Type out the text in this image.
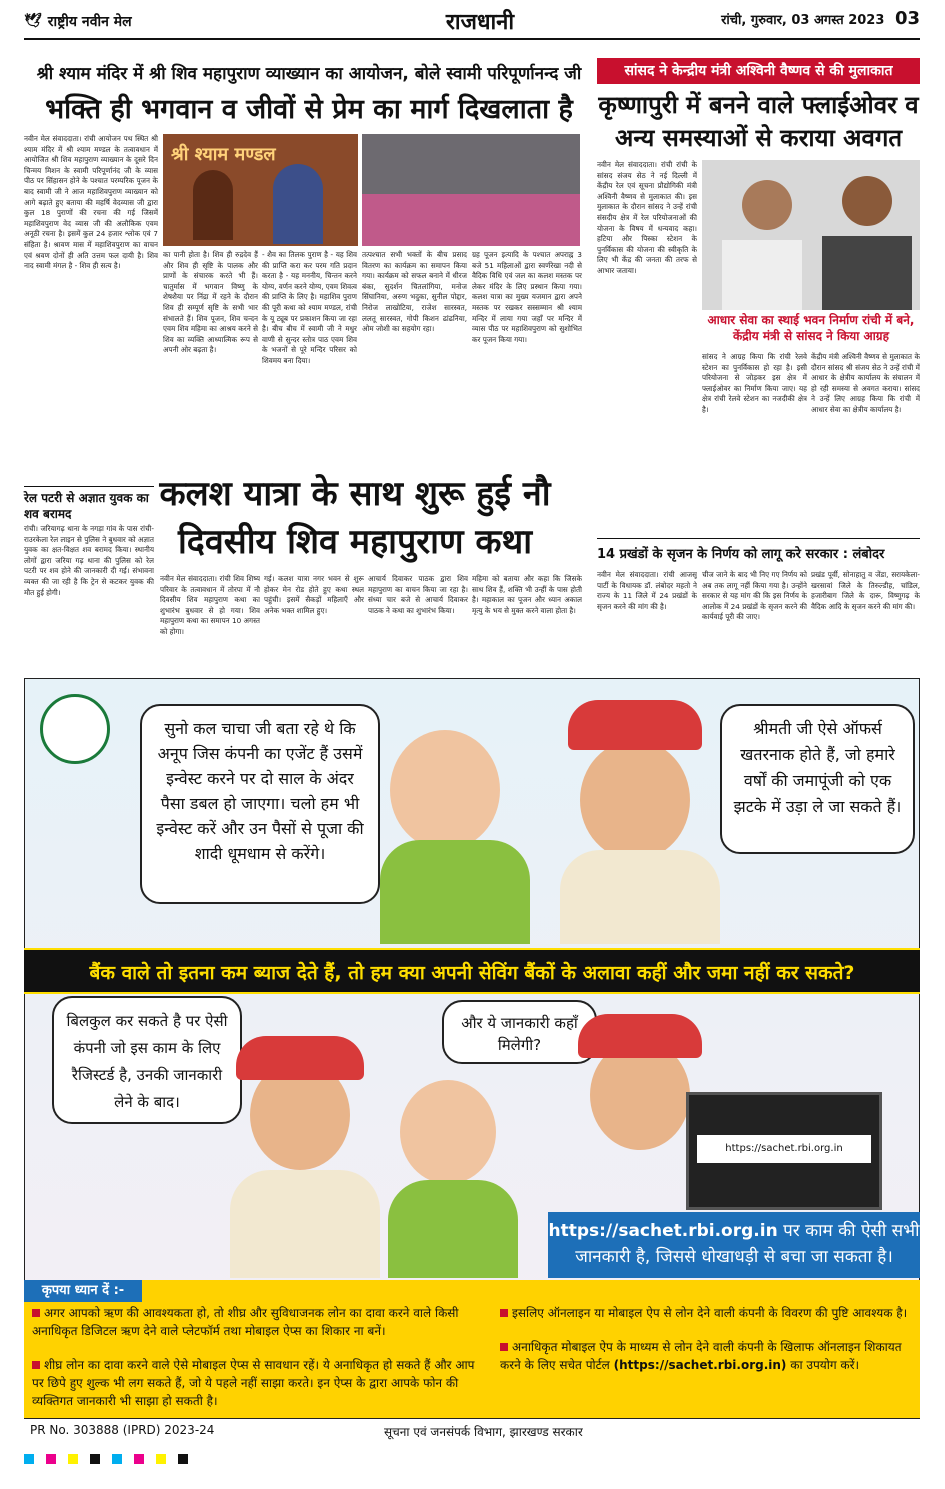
🕊 राष्ट्रीय नवीन मेल	राजधानी	रांची, गुरुवार, 03 अगस्त 2023 03
श्री श्याम मंदिर में श्री शिव महापुराण व्याख्यान का आयोजन, बोले स्वामी परिपूर्णानन्द जी
भक्ति ही भगवान व जीवों से प्रेम का मार्ग दिखलाता है
नवीन मेल संवाददाता। रांची आयोजन पथ स्थित श्री श्याम मंदिर में श्री श्याम मण्डल के तत्वावधान में आयोजित श्री शिव महापुराण व्याख्यान के दूसरे दिन चिन्मय मिशन के स्वामी परिपूर्णानंद जी के व्यास पीठ पर सिंहासन होने के पश्चात परम्परिक पूजन के बाद स्वामी जी ने आज महाशिवपुराण व्याख्यान को आगे बढ़ाते हुए बताया की महर्षि वेदव्यास जी द्वारा कुल 18 पुराणों की रचना की गई जिसमें महाशिवपुराण वेद व्यास जी की अलौकिक एवम अनूठी रचना है। इसमें कुल 24 हजार श्लोक एवं 7 संहिता है। श्रावण मास में महाशिवपुराण का वाचन एवं श्रवण दोनों ही अति उत्तम फल दायी है। शिव नाद स्वामी मंगल है - शिव ही सत्य है।
श्री श्याम मण्डल
का पानी होता है। शिव ही रुद्रदेव हैं और शिव ही सृष्टि के पालक और प्राणों के संचारक करते भी हैं। चातुर्मास में भगवान विष्णु के शेषशैया पर निंद्रा में रहने के दौरान शिव ही सम्पूर्ण सृष्टि के सभी भार संभालते हैं। शिव पूजन, शिव चन्दन एवम शिव महिमा का आश्रय करने से शिव का व्यक्ति आध्यात्मिक रूप से अपनी ओर बढ़ता है।
- शैव का तिलक पुराण है - यह शिव की प्राप्ति करा कर परम गति प्रदान करता है - यह मननीय, चिन्तन करने योग्य, वर्णन करने योग्य, एवम शिवत्व की प्राप्ति के लिए है। महाशिव पुराण की पूरी कथा को श्याम मण्डल, रांची के यू ट्यूब पर प्रकाशन किया जा रहा है। बीच बीच में स्वामी जी ने मधुर वाणी से सुन्दर स्तोत्र पाठ एवम शिव के भजनों से पूरे मन्दिर परिसर को शिवमय बना दिया।
तत्पश्चात सभी भक्तों के बीच प्रसाद वितरण का कार्यक्रम का समापन किया गया। कार्यक्रम को सफल बनाने में धीरज बंका, सुदर्शन चितलांगिया, मनोज सिंघानिया, अरुण भदुका, सुनील पोद्दार, निरोज लाखोटिया, राजेश सारस्वत, ललतू सारस्वत, गोपी किशन ढांढनिया, ओम जोशी का सहयोग रहा।
ग्रह पूजन इत्यादि के पश्चात अपराह्न 3 बजे 51 महिलाओं द्वारा स्वर्णरेखा नदी से वैदिक विधि एवं जल का कलश मस्तक पर लेकर मंदिर के लिए प्रस्थान किया गया। कलश यात्रा का मुख्य यजमान द्वारा अपने मस्तक पर रखकर सस्सम्मान श्री श्याम मन्दिर में लाया गया जहाँ पर मन्दिर में व्यास पीठ पर महाशिवपुराण को सुशोभित कर पूजन किया गया।
रेल पटरी से अज्ञात युवक का शव बरामद
रांची। जरियागढ़ थाना के नगड़ा गांव के पास रांची-राउरकेला रेल लाइन से पुलिस ने बुधवार को अज्ञात युवक का क्षत-विक्षत शव बरामद किया। स्थानीय लोगों द्वारा जरिया गढ़ थाना की पुलिस को रेल पटरी पर शव होने की जानकारी दी गई। संभावना व्यक्त की जा रही है कि ट्रेन से कटकर युवक की मौत हुई होगी।
कलश यात्रा के साथ शुरू हुई नौ दिवसीय शिव महापुराण कथा
नवीन मेल संवाददाता। रांची शिव शिष्य परिवार के तत्वावधान में तोरपा में नौ दिवसीय शिव महापुराण कथा का शुभारंभ बुधवार से हो गया। शिव महापुराण कथा का समापन 10 अगस्त को होगा।
गई। कलश यात्रा नगर भवन से शुरू होकर मेन रोड होते हुए कथा स्थल पहुंची। इसमें सैकड़ों महिलाएँ और अनेक भक्त शामिल हुए।
आचार्य दिवाकर पाठक द्वारा शिव महापुराण का वाचन किया जा रहा है। संध्या चार बजे से आचार्य दिवाकर पाठक ने कथा का शुभारंभ किया।
महिमा को बताया और कहा कि जिसके साथ शिव हैं, शक्ति भी उन्हीं के पास होती है। महाकाल का पूजन और ध्यान अकाल मृत्यु के भय से मुक्त करने वाला होता है।
सांसद ने केन्द्रीय मंत्री अश्विनी वैष्णव से की मुलाकात
कृष्णापुरी में बनने वाले फ्लाईओवर व अन्य समस्याओं से कराया अवगत
नवीन मेल संवाददाता। रांची रांची के सांसद संजय सेठ ने नई दिल्ली में केंद्रीय रेल एवं सूचना प्रौद्योगिकी मंत्री अश्विनी वैष्णव से मुलाकात की। इस मुलाकात के दौरान सांसद ने उन्हें रांची संसदीय क्षेत्र में रेल परियोजनाओं की योजना के विषय में धन्यवाद कहा। हटिया और पिस्का स्टेशन के पुनर्विकास की योजना की स्वीकृति के लिए भी केंद्र की जनता की तरफ से आभार जताया।
आधार सेवा का स्थाई भवन निर्माण रांची में बने, केंद्रीय मंत्री से सांसद ने किया आग्रह
सांसद ने आग्रह किया कि रांची रेलवे स्टेशन का पुनर्विकास हो रहा है। इसी परियोजना से जोड़कर इस क्षेत्र में फ्लाईओवर का निर्माण किया जाए। यह क्षेत्र रांची रेलवे स्टेशन का नजदीकी क्षेत्र है।
केंद्रीय मंत्री अश्विनी वैष्णव से मुलाकात के दौरान सांसद श्री संजय सेठ ने उन्हें रांची में आधार के क्षेत्रीय कार्यालय के संचालन में हो रही समस्या से अवगत कराया। सांसद ने उन्हें लिए आग्रह किया कि रांची में आधार सेवा का क्षेत्रीय कार्यालय है।
14 प्रखंडों के सृजन के निर्णय को लागू करे सरकार : लंबोदर
नवीन मेल संवाददाता। रांची आजसू पार्टी के विधायक डॉ. लंबोदर महतो ने राज्य के 11 जिले में 24 प्रखंडों के सृजन करने की मांग की है।
चीज जाने के बाद भी निए गए निर्णय को अब तक लागू नहीं किया गया है। उन्होंने सरकार से यह मांग की कि इस निर्णय के आलोक में 24 प्रखंडों के सृजन करने की कार्यवाई पूरी की जाए।
प्रखंड पूर्वी, सोनाहातु व जेंडा, सरायकेला-खरसावां जिले के तिरुल्डीह, चांडिल, हजारीबाग जिले के दारू, विष्णुगढ़ के वैदिक आदि के सृजन करने की मांग की।
सुनो कल चाचा जी बता रहे थे कि अनूप जिस कंपनी का एजेंट हैं उसमें इन्वेस्ट करने पर दो साल के अंदर पैसा डबल हो जाएगा। चलो हम भी इन्वेस्ट करें और उन पैसों से पूजा की शादी धूमधाम से करेंगे।
श्रीमती जी ऐसे ऑफर्स खतरनाक होते हैं, जो हमारे वर्षों की जमापूंजी को एक झटके में उड़ा ले जा सकते हैं।
बैंक वाले तो इतना कम ब्याज देते हैं, तो हम क्या अपनी सेविंग बैंकों के अलावा कहीं और जमा नहीं कर सकते?
बिलकुल कर सकते है पर ऐसी कंपनी जो इस काम के लिए रैजिस्टर्ड है, उनकी जानकारी लेने के बाद।
और ये जानकारी कहाँ मिलेगी?
https://sachet.rbi.org.in
https://sachet.rbi.org.in पर काम की ऐसी सभी
जानकारी है, जिससे धोखाधड़ी से बचा जा सकता है।
कृपया ध्यान दें :-
अगर आपको ऋण की आवश्यकता हो, तो शीघ्र और सुविधाजनक लोन का दावा करने वाले किसी अनाधिकृत डिजिटल ऋण देने वाले प्लेटफॉर्म तथा मोबाइल ऐप्स का शिकार ना बनें।
शीघ्र लोन का दावा करने वाले ऐसे मोबाइल ऐप्स से सावधान रहें। ये अनाधिकृत हो सकते हैं और आप पर छिपे हुए शुल्क भी लग सकते हैं, जो ये पहले नहीं साझा करते। इन ऐप्स के द्वारा आपके फोन की व्यक्तिगत जानकारी भी साझा हो सकती है।
इसलिए ऑनलाइन या मोबाइल ऐप से लोन देने वाली कंपनी के विवरण की पुष्टि आवश्यक है।
अनाधिकृत मोबाइल ऐप के माध्यम से लोन देने वाली कंपनी के खिलाफ ऑनलाइन शिकायत करने के लिए सचेत पोर्टल (https://sachet.rbi.org.in) का उपयोग करें।
PR No. 303888 (IPRD) 2023-24	सूचना एवं जनसंपर्क विभाग, झारखण्ड सरकार
